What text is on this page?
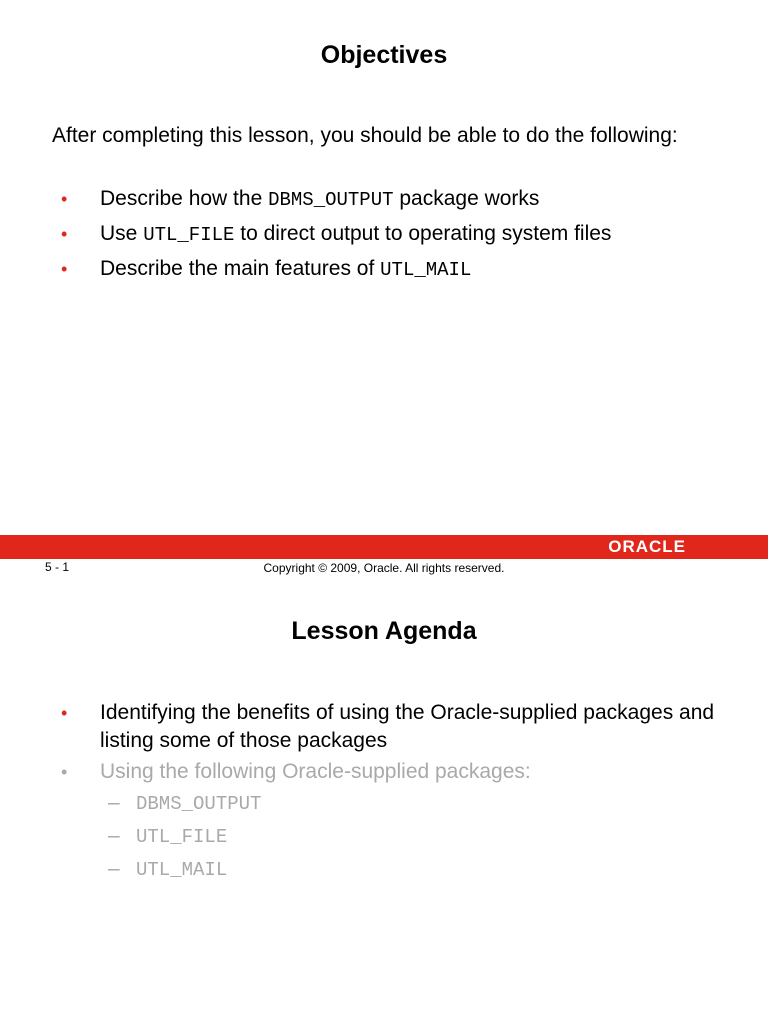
Objectives
After completing this lesson, you should be able to do the following:
• Describe how the DBMS_OUTPUT package works
• Use UTL_FILE to direct output to operating system files
• Describe the main features of UTL_MAIL
ORACLE
5 - 1	Copyright © 2009, Oracle. All rights reserved.
Lesson Agenda
• Identifying the benefits of using the Oracle-supplied packages and listing some of those packages
• Using the following Oracle-supplied packages:
– DBMS_OUTPUT
– UTL_FILE
– UTL_MAIL
